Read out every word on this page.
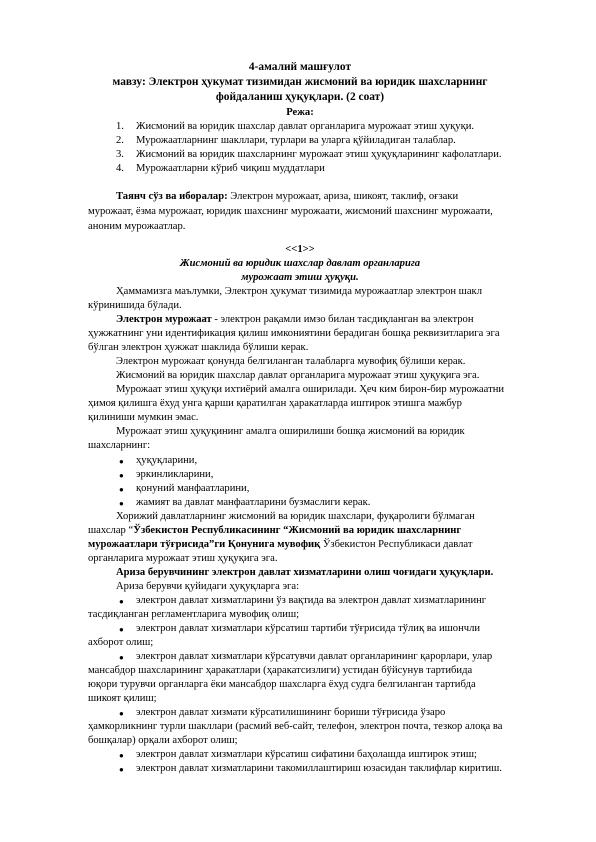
4-амалий машғулот
мавзу: Электрон ҳукумат тизимидан жисмоний ва юридик шахсларнинг
фойдаланиш ҳуқуқлари. (2 соат)
Режа:
1. Жисмоний ва юридик шахслар давлат органларига мурожаат этиш ҳуқуқи.
2. Мурожаатларнинг шакллари, турлари ва уларга қўйиладиган талаблар.
3. Жисмоний ва юридик шахсларнинг мурожаат этиш ҳуқуқларининг кафолатлари.
4. Мурожаатларни кўриб чиқиш муддатлари
Таянч сўз ва иборалар: Электрон мурожаат, ариза, шикоят, таклиф, оғзаки
мурожаат, ёзма мурожаат, юридик шахснинг мурожаати, жисмоний шахснинг мурожаати,
аноним мурожаатлар.
<<1>>
Жисмоний ва юридик шахслар давлат органларига
мурожаат этиш ҳуқуқи.
Ҳаммамизга маълумки, Электрон ҳукумат тизимида мурожаатлар электрон шакл
кўринишида бўлади.
Электрон мурожаат - электрон рақамли имзо билан тасдиқланган ва электрон
ҳужжатнинг уни идентификация қилиш имкониятини берадиган бошқа реквизитларига эга
бўлган электрон ҳужжат шаклида бўлиши керак.
Электрон мурожаат қонунда белгиланган талабларга мувофиқ бўлиши керак.
Жисмоний ва юридик шахслар давлат органларига мурожаат этиш ҳуқуқига эга.
Мурожаат этиш ҳуқуқи ихтиёрий амалга оширилади. Ҳеч ким бирон-бир мурожаатни
ҳимоя қилишга ёхуд унга қарши қаратилган ҳаракатларда иштирок этишга мажбур
қилиниши мумкин эмас.
Мурожаат этиш ҳуқуқининг амалга оширилиши бошқа жисмоний ва юридик
шахсларнинг:
● ҳуқуқларини,
● эркинликларини,
● қонуний манфаатларини,
● жамият ва давлат манфаатларини бузмаслиги керак.
Хорижий давлатларнинг жисмоний ва юридик шахслари, фуқаролиги бўлмаган
шахслар “Ўзбекистон Республикасининг “Жисмоний ва юридик шахсларнинг
мурожаатлари тўғрисида”ги Қонунига мувофиқ Ўзбекистон Республикаси давлат
органларига мурожаат этиш ҳуқуқига эга.
Ариза берувчининг электрон давлат хизматларини олиш чоғидаги ҳуқуқлари.
Ариза берувчи қуйидаги ҳуқуқларга эга:
● электрон давлат хизматларини ўз вақтида ва электрон давлат хизматларининг
тасдиқланган регламентларига мувофиқ олиш;
● электрон давлат хизматлари кўрсатиш тартиби тўғрисида тўлиқ ва ишончли
ахборот олиш;
● электрон давлат хизматлари кўрсатувчи давлат органларининг қарорлари, улар
мансабдор шахсларининг ҳаракатлари (ҳаракатсизлиги) устидан бўйсунув тартибида
юқори турувчи органларга ёки мансабдор шахсларга ёхуд судга белгиланган тартибда
шикоят қилиш;
● электрон давлат хизмати кўрсатилишининг бориши тўғрисида ўзаро
ҳамкорликнинг турли шакллари (расмий веб-сайт, телефон, электрон почта, тезкор алоқа ва
бошқалар) орқали ахборот олиш;
● электрон давлат хизматлари кўрсатиш сифатини баҳолашда иштирок этиш;
● электрон давлат хизматларини такомиллаштириш юзасидан таклифлар киритиш.
